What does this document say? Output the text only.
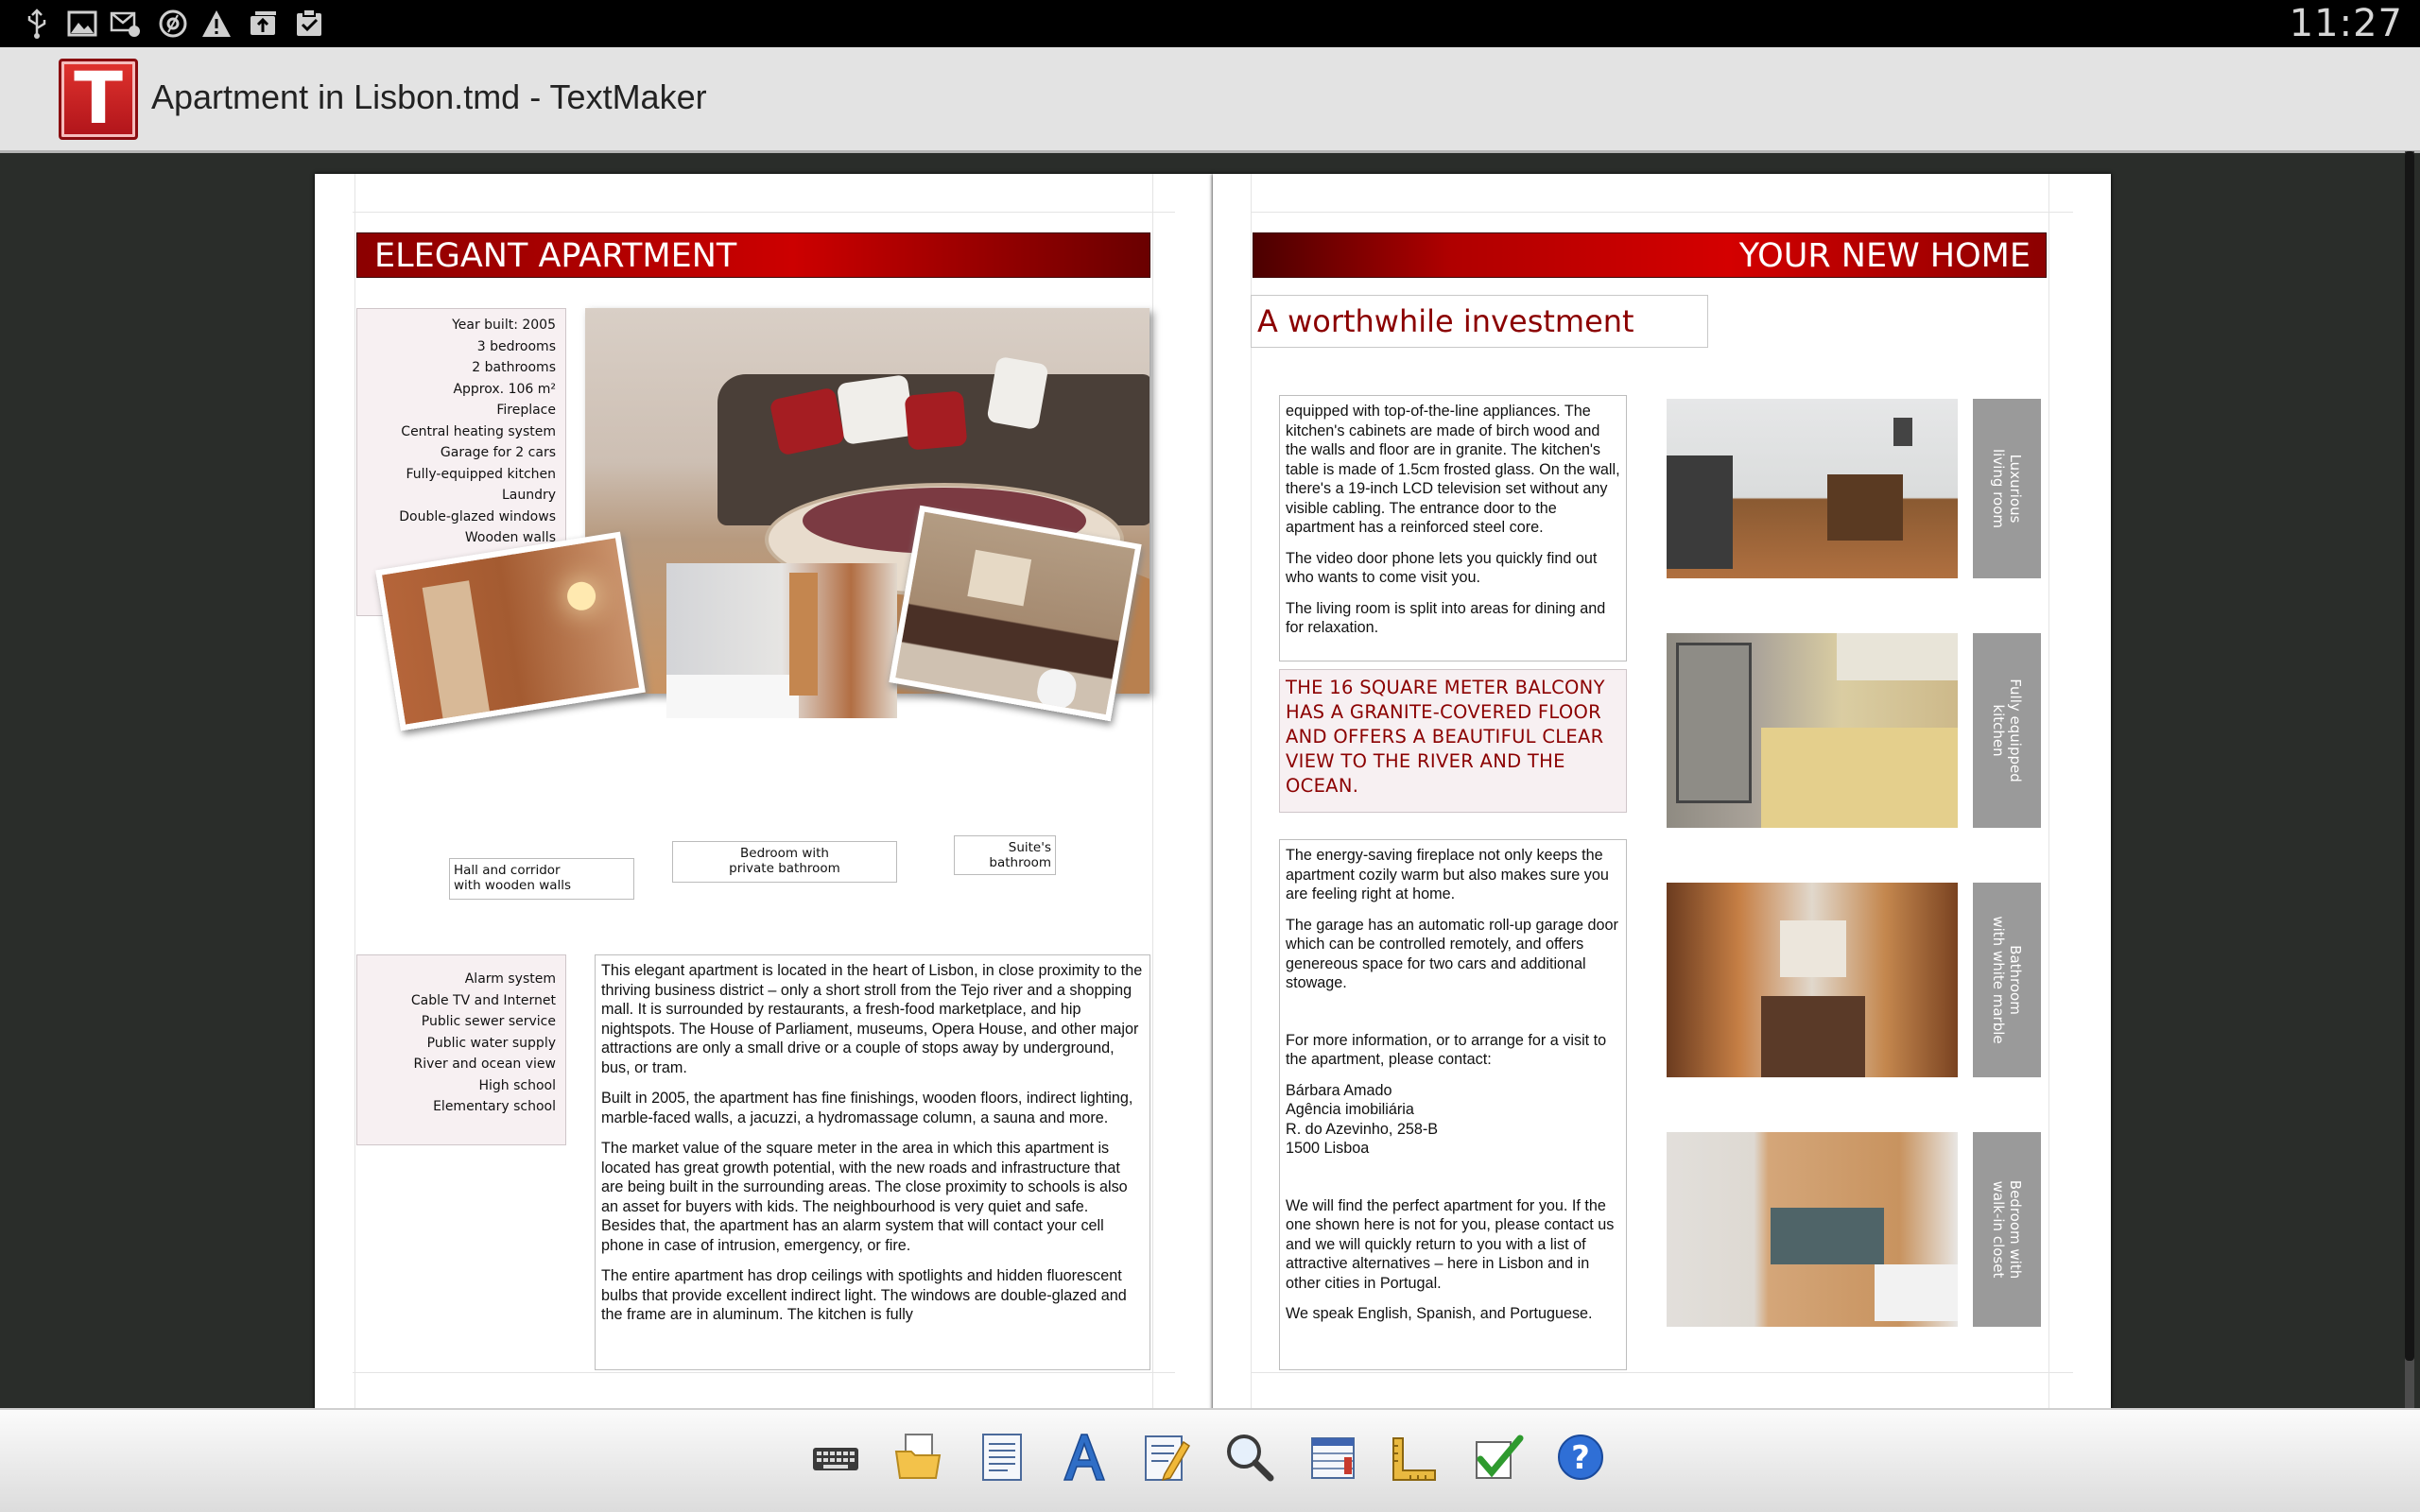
11:27
T Apartment in Lisbon.tmd - TextMaker
ELEGANT APARTMENT
Year built: 2005
3 bedrooms
2 bathrooms
Approx. 106 m²
Fireplace
Central heating system
Garage for 2 cars
Fully-equipped kitchen
Laundry
Double-glazed windows
Wooden walls
Hall and corridor
with wooden walls
Bedroom with
private bathroom
Suite's
bathroom
Alarm system
Cable TV and Internet
Public sewer service
Public water supply
River and ocean view
High school
Elementary school

This elegant apartment is located in the heart of Lisbon, in close proximity to the thriving business district – only a short stroll from the Tejo river and a shopping mall. It is surrounded by restaurants, a fresh-food marketplace, and hip nightspots. The House of Parliament, museums, Opera House, and other major attractions are only a small drive or a couple of stops away by underground, bus, or tram.

Built in 2005, the apartment has fine finishings, wooden floors, indirect lighting, marble-faced walls, a jacuzzi, a hydromassage column, a sauna and more.

The market value of the square meter in the area in which this apartment is located has great growth potential, with the new roads and infrastructure that are being built in the surrounding areas. The close proximity to schools is also an asset for buyers with kids. The neighbourhood is very quiet and safe. Besides that, the apartment has an alarm system that will contact your cell phone in case of intrusion, emergency, or fire.

The entire apartment has drop ceilings with spotlights and hidden fluorescent bulbs that provide excellent indirect light. The windows are double-glazed and the frame are in aluminum. The kitchen is fully

YOUR NEW HOME
A worthwhile investment

equipped with top-of-the-line appliances. The kitchen's cabinets are made of birch wood and the walls and floor are in granite. The kitchen's table is made of 1.5cm frosted glass. On the wall, there's a 19-inch LCD television set without any visible cabling. The entrance door to the apartment has a reinforced steel core.

The video door phone lets you quickly find out who wants to come visit you.

The living room is split into areas for dining and for relaxation.

THE 16 SQUARE METER BALCONY HAS A GRANITE-COVERED FLOOR AND OFFERS A BEAUTIFUL CLEAR VIEW TO THE RIVER AND THE OCEAN.

The energy-saving fireplace not only keeps the apartment cozily warm but also makes sure you are feeling right at home.

The garage has an automatic roll-up garage door which can be controlled remotely, and offers genereous space for two cars and additional stowage.

For more information, or to arrange for a visit to the apartment, please contact:

Bárbara Amado
Agência imobiliária
R. do Azevinho, 258-B
1500 Lisboa

We will find the perfect apartment for you. If the one shown here is not for you, please contact us and we will quickly return to you with a list of attractive alternatives – here in Lisbon and in other cities in Portugal.

We speak English, Spanish, and Portuguese.

Luxurious
living room
Fully equipped
kitchen
Bathroom
with white marble
Bedroom with
walk-in closet
?
